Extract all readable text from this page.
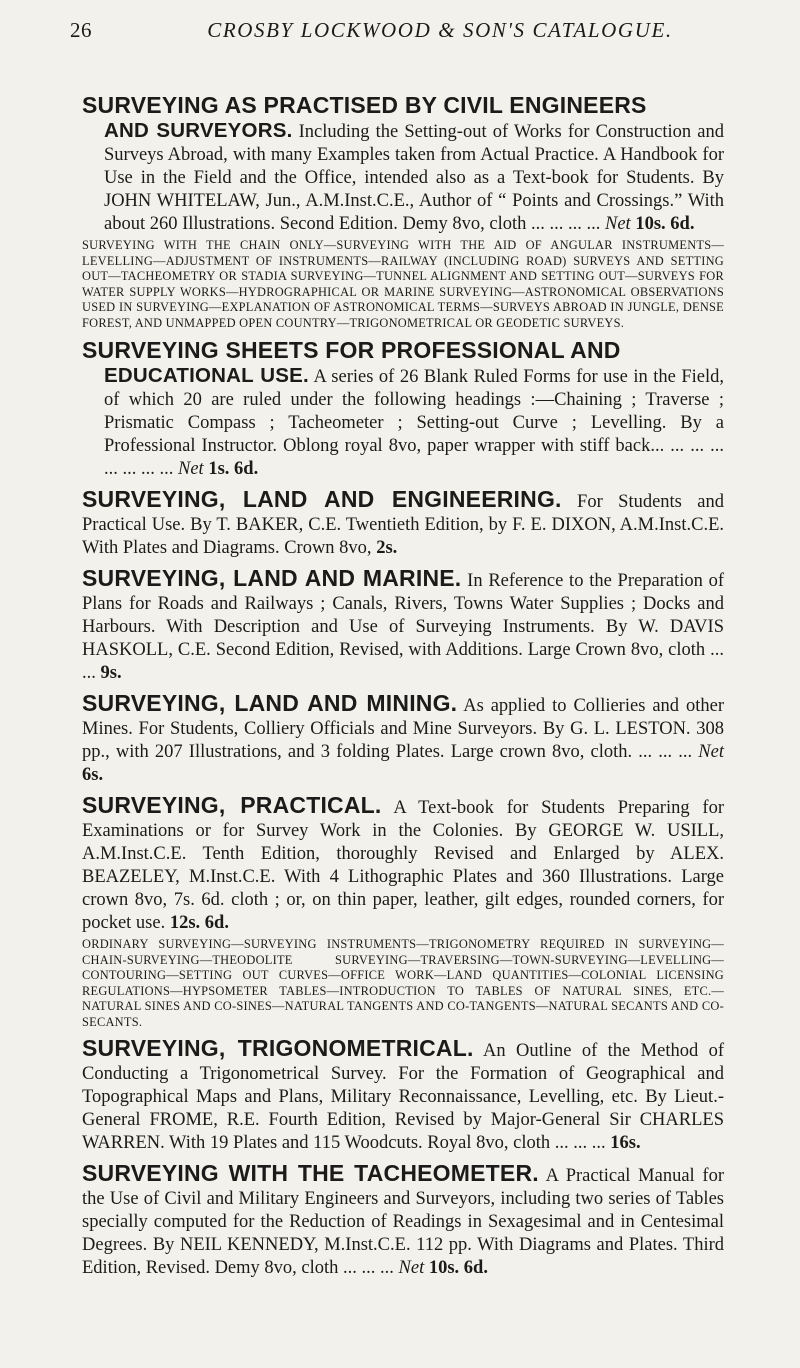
26	CROSBY LOCKWOOD & SON'S CATALOGUE.
SURVEYING AS PRACTISED BY CIVIL ENGINEERS
AND SURVEYORS. Including the Setting-out of Works for Construction and Surveys Abroad, with many Examples taken from Actual Practice. A Handbook for Use in the Field and the Office, intended also as a Text-book for Students. By JOHN WHITELAW, Jun., A.M.Inst.C.E., Author of “ Points and Crossings.” With about 260 Illustrations. Second Edition. Demy 8vo, cloth ... ... ... ... Net 10s. 6d.
SURVEYING WITH THE CHAIN ONLY—SURVEYING WITH THE AID OF ANGULAR INSTRUMENTS—LEVELLING—ADJUSTMENT OF INSTRUMENTS—RAILWAY (INCLUDING ROAD) SURVEYS AND SETTING OUT—TACHEOMETRY OR STADIA SURVEYING—TUNNEL ALIGNMENT AND SETTING OUT—SURVEYS FOR WATER SUPPLY WORKS—HYDROGRAPHICAL OR MARINE SURVEYING—ASTRONOMICAL OBSERVATIONS USED IN SURVEYING—EXPLANATION OF ASTRONOMICAL TERMS—SURVEYS ABROAD IN JUNGLE, DENSE FOREST, AND UNMAPPED OPEN COUNTRY—TRIGONOMETRICAL OR GEODETIC SURVEYS.
SURVEYING SHEETS FOR PROFESSIONAL AND
EDUCATIONAL USE. A series of 26 Blank Ruled Forms for use in the Field, of which 20 are ruled under the following headings :—Chaining ; Traverse ; Prismatic Compass ; Tacheometer ; Setting-out Curve ; Levelling. By a Professional Instructor. Oblong royal 8vo, paper wrapper with stiff back... ... ... ... ... ... ... ... Net 1s. 6d.
SURVEYING, LAND AND ENGINEERING. For Students and Practical Use. By T. BAKER, C.E. Twentieth Edition, by F. E. DIXON, A.M.Inst.C.E. With Plates and Diagrams. Crown 8vo, 2s.
SURVEYING, LAND AND MARINE. In Reference to the Preparation of Plans for Roads and Railways ; Canals, Rivers, Towns Water Supplies ; Docks and Harbours. With Description and Use of Surveying Instruments. By W. DAVIS HASKOLL, C.E. Second Edition, Revised, with Additions. Large Crown 8vo, cloth ... ... 9s.
SURVEYING, LAND AND MINING. As applied to Collieries and other Mines. For Students, Colliery Officials and Mine Surveyors. By G. L. LESTON. 308 pp., with 207 Illustrations, and 3 folding Plates. Large crown 8vo, cloth. ... ... ... Net 6s.
SURVEYING, PRACTICAL. A Text-book for Students Preparing for Examinations or for Survey Work in the Colonies. By GEORGE W. USILL, A.M.Inst.C.E. Tenth Edition, thoroughly Revised and Enlarged by ALEX. BEAZELEY, M.Inst.C.E. With 4 Lithographic Plates and 360 Illustrations. Large crown 8vo, 7s. 6d. cloth ; or, on thin paper, leather, gilt edges, rounded corners, for pocket use. 12s. 6d.
ORDINARY SURVEYING—SURVEYING INSTRUMENTS—TRIGONOMETRY REQUIRED IN SURVEYING—CHAIN-SURVEYING—THEODOLITE SURVEYING—TRAVERSING—TOWN-SURVEYING—LEVELLING—CONTOURING—SETTING OUT CURVES—OFFICE WORK—LAND QUANTITIES—COLONIAL LICENSING REGULATIONS—HYPSOMETER TABLES—INTRODUCTION TO TABLES OF NATURAL SINES, ETC.—NATURAL SINES AND CO-SINES—NATURAL TANGENTS AND CO-TANGENTS—NATURAL SECANTS AND CO-SECANTS.
SURVEYING, TRIGONOMETRICAL. An Outline of the Method of Conducting a Trigonometrical Survey. For the Formation of Geographical and Topographical Maps and Plans, Military Reconnaissance, Levelling, etc. By Lieut.-General FROME, R.E. Fourth Edition, Revised by Major-General Sir CHARLES WARREN. With 19 Plates and 115 Woodcuts. Royal 8vo, cloth ... ... ... 16s.
SURVEYING WITH THE TACHEOMETER. A Practical Manual for the Use of Civil and Military Engineers and Surveyors, including two series of Tables specially computed for the Reduction of Readings in Sexagesimal and in Centesimal Degrees. By NEIL KENNEDY, M.Inst.C.E. 112 pp. With Diagrams and Plates. Third Edition, Revised. Demy 8vo, cloth ... ... ... Net 10s. 6d.
